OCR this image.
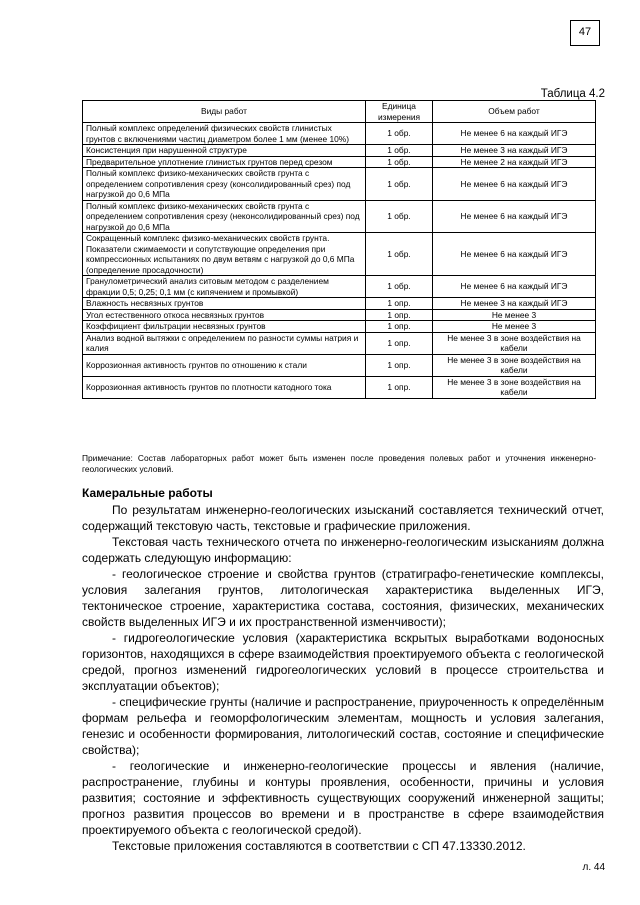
47
Таблица 4.2
Виды работ	Единица измерения	Объем работ
Полный комплекс определений физических свойств глинистых грунтов с включениями частиц диаметром более 1 мм (менее 10%)	1 обр.	Не менее 6 на каждый ИГЭ
Консистенция при нарушенной структуре	1 обр.	Не менее 3 на каждый ИГЭ
Предварительное уплотнение глинистых грунтов перед срезом	1 обр.	Не менее 2 на каждый ИГЭ
Полный комплекс физико-механических свойств грунта с определением сопротивления срезу (консолидированный срез) под нагрузкой до 0,6 МПа	1 обр.	Не менее 6 на каждый ИГЭ
Полный комплекс физико-механических свойств грунта с определением сопротивления срезу (неконсолидированный срез) под нагрузкой до 0,6 МПа	1 обр.	Не менее 6 на каждый ИГЭ
Сокращенный комплекс физико-механических свойств грунта. Показатели сжимаемости и сопутствующие определения при компрессионных испытаниях по двум ветвям с нагрузкой до 0,6 МПа (определение просадочности)	1 обр.	Не менее 6 на каждый ИГЭ
Гранулометрический анализ ситовым методом с разделением фракции 0,5; 0,25; 0,1 мм (с кипячением и промывкой)	1 обр.	Не менее 6 на каждый ИГЭ
Влажность несвязных грунтов	1 опр.	Не менее 3 на каждый ИГЭ
Угол естественного откоса несвязных грунтов	1 опр.	Не менее 3
Коэффициент фильтрации несвязных грунтов	1 опр.	Не менее 3
Анализ водной вытяжки с определением по разности суммы натрия и калия	1 опр.	Не менее 3 в зоне воздействия на кабели
Коррозионная активность грунтов по отношению к стали	1 опр.	Не менее 3 в зоне воздействия на кабели
Коррозионная активность грунтов по плотности катодного тока	1 опр.	Не менее 3 в зоне воздействия на кабели
Примечание: Состав лабораторных работ может быть изменен после проведения полевых работ и уточнения инженерно-геологических условий.
Камеральные работы

По результатам инженерно-геологических изысканий составляется технический отчет, содержащий текстовую часть, текстовые и графические приложения.

Текстовая часть технического отчета по инженерно-геологическим изысканиям должна содержать следующую информацию:

- геологическое строение и свойства грунтов (стратиграфо-генетические комплексы, условия залегания грунтов, литологическая характеристика выделенных ИГЭ, тектоническое строение, характеристика состава, состояния, физических, механических свойств выделенных ИГЭ и их пространственной изменчивости);

- гидрогеологические условия (характеристика вскрытых выработками водоносных горизонтов, находящихся в сфере взаимодействия проектируемого объекта с геологической средой, прогноз изменений гидрогеологических условий в процессе строительства и эксплуатации объектов);

- специфические грунты (наличие и распространение, приуроченность к определённым формам рельефа и геоморфологическим элементам, мощность и условия залегания, генезис и особенности формирования, литологический состав, состояние и специфические свойства);

- геологические и инженерно-геологические процессы и явления (наличие, распространение, глубины и контуры проявления, особенности, причины и условия развития; состояние и эффективность существующих сооружений инженерной защиты; прогноз развития процессов во времени и в пространстве в сфере взаимодействия проектируемого объекта с геологической средой).

Текстовые приложения составляются в соответствии с СП 47.13330.2012.

л. 44
